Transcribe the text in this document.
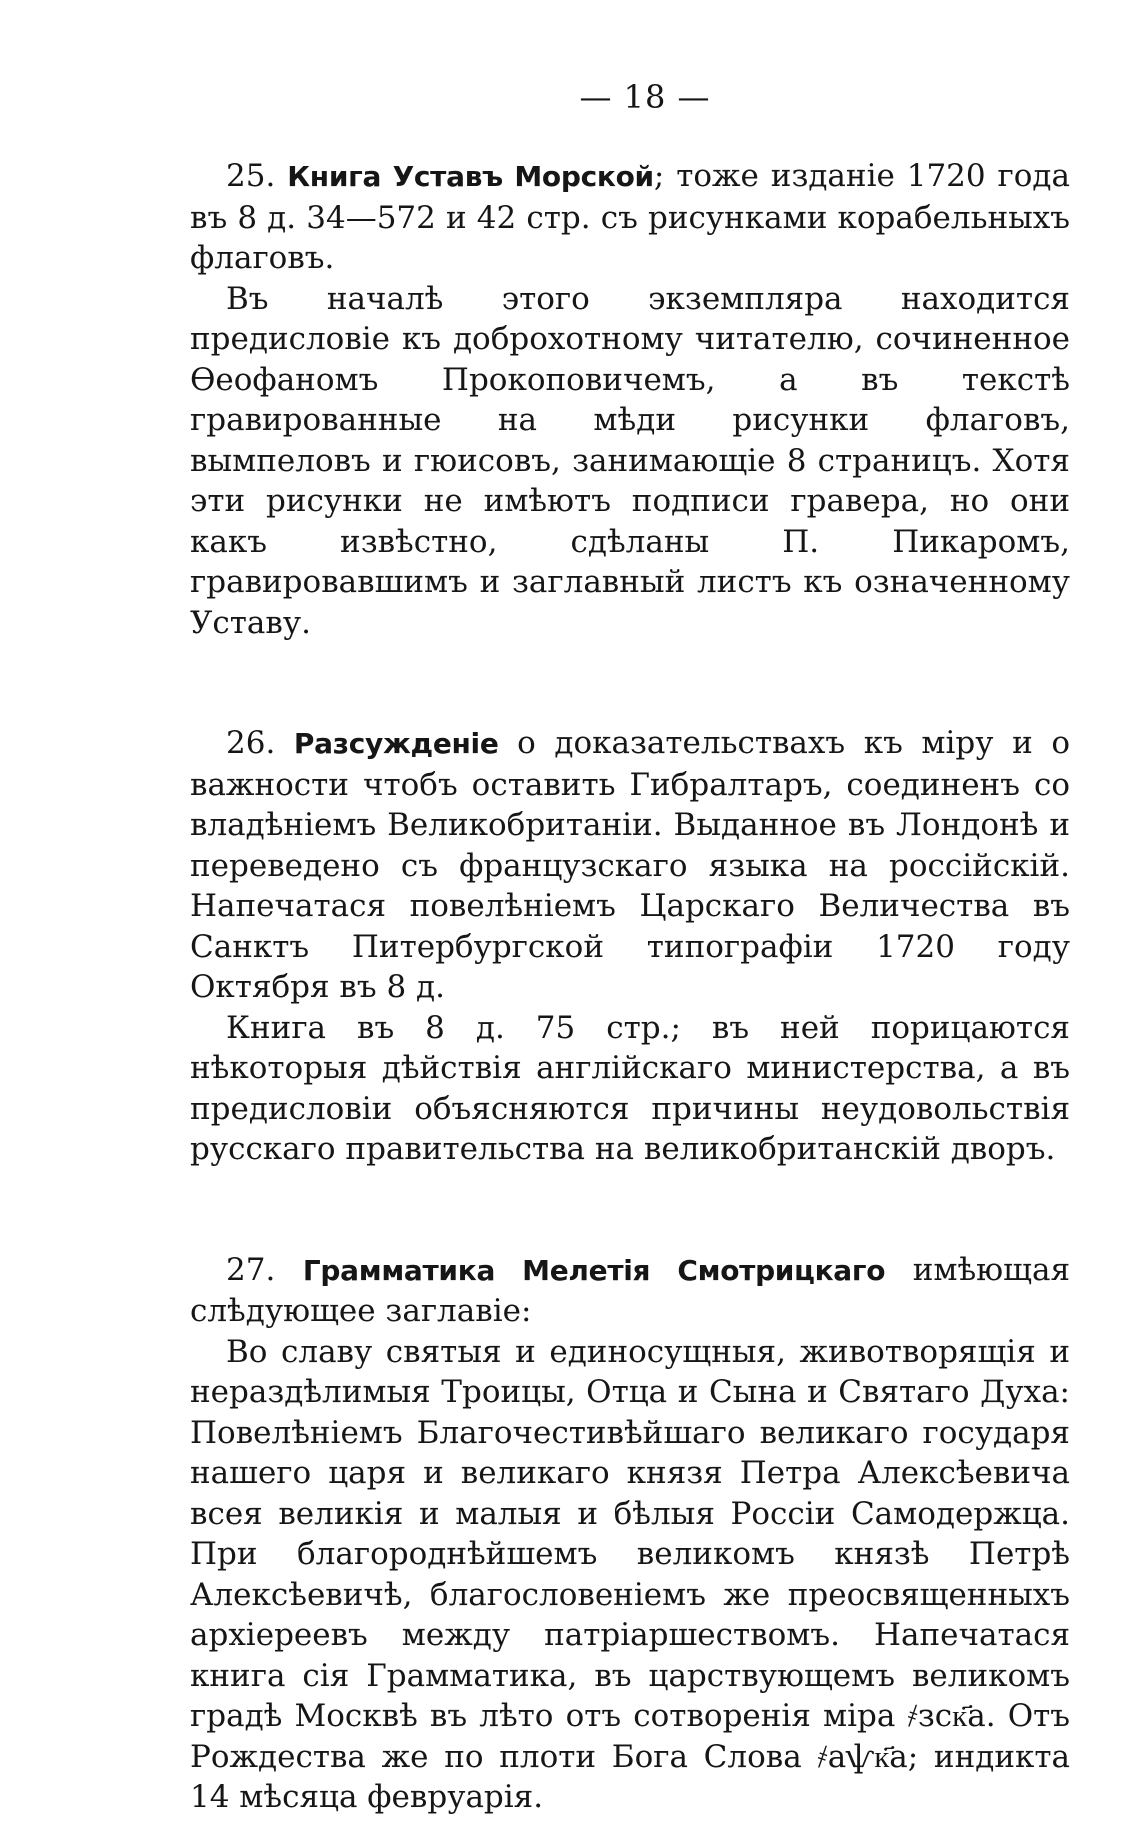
— 18 —

25. Книга Уставъ Морской; тоже изданіе 1720 года въ 8 д. 34—572 и 42 стр. съ рисунками корабельныхъ флаговъ.

Въ началѣ этого экземпляра находится предисловіе къ доброхотному читателю, сочиненное Ѳеофаномъ Прокоповичемъ, а въ текстѣ гравированные на мѣди рисунки флаговъ, вымпеловъ и гюисовъ, занимающіе 8 страницъ. Хотя эти рисунки не имѣютъ подписи гравера, но они какъ извѣстно, сдѣланы П. Пикаромъ, гравировавшимъ и заглавный листъ къ означенному Уставу.

26. Разсужденіе о доказательствахъ къ міру и о важности чтобъ оставить Гибралтаръ, соединенъ со владѣніемъ Великобританіи. Выданное въ Лондонѣ и переведено съ французскаго языка на россійскій. Напечатася повелѣніемъ Царскаго Величества въ Санктъ Питербургской типографіи 1720 году Октября въ 8 д.

Книга въ 8 д. 75 стр.; въ ней порицаются нѣкоторыя дѣйствія англійскаго министерства, а въ предисловіи объясняются причины неудовольствія русскаго правительства на великобританскій дворъ.

27. Грамматика Мелетія Смотрицкаго имѣющая слѣдующее заглавіе:

Во славу святыя и единосущныя, животворящія и нераздѣлимыя Троицы, Отца и Сына и Святаго Духа: Повелѣніемъ Благочестивѣйшаго великаго государя нашего царя и великаго князя Петра Алексѣевича всея великія и малыя и бѣлыя Россіи Самодержца. При благороднѣйшемъ великомъ князѣ Петрѣ Алексѣевичѣ, благословеніемъ же преосвященныхъ архіереевъ между патріаршествомъ. Напечатася книга сія Грамматика, въ царствующемъ великомъ градѣ Москвѣ въ лѣто отъ сотворенія міра ҂зск҃а. Отъ Рождества же по плоти Бога Слова ҂аѱк҃а; индикта 14 мѣсяца февруарія.
